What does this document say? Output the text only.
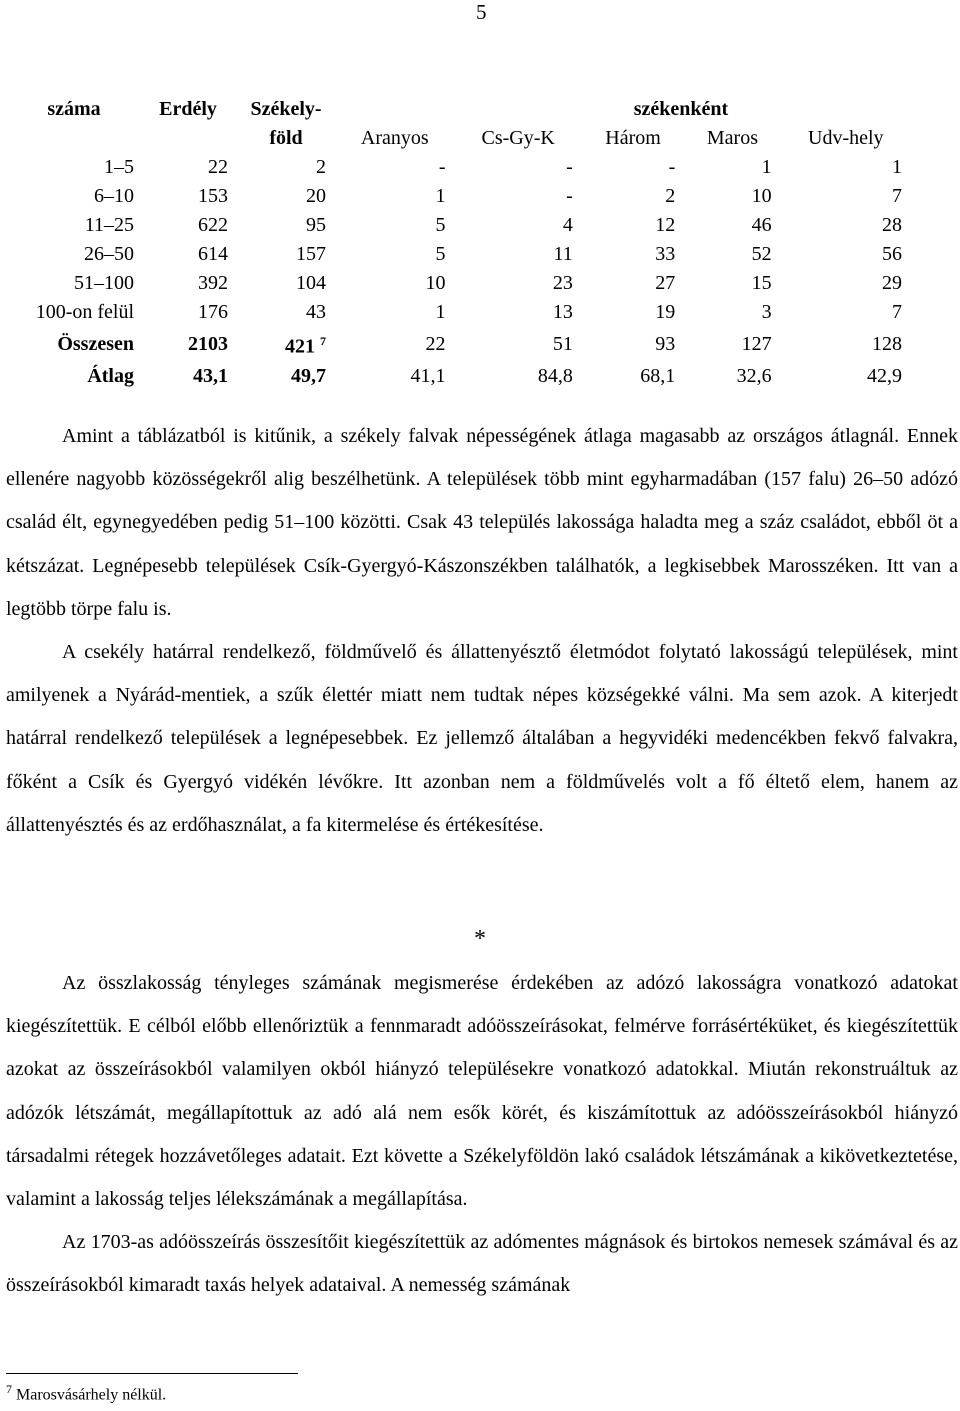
5
száma	Erdély	Székely-	székenként				
		föld	Aranyos	Cs-Gy-K	Három	Maros	Udv-hely
1–5	22	2	-	-	-	1	1
6–10	153	20	1	-	2	10	7
11–25	622	95	5	4	12	46	28
26–50	614	157	5	11	33	52	56
51–100	392	104	10	23	27	15	29
100-on felül	176	43	1	13	19	3	7
Összesen	2103	421 $^7$	22	51	93	127	128
Átlag	43,1	49,7	41,1	84,8	68,1	32,6	42,9

Amint a táblázatból is kitűnik, a székely falvak népességének átlaga magasabb az országos átlagnál. Ennek ellenére nagyobb közösségekről alig beszélhetünk. A települések több mint egyharmadában (157 falu) 26–50 adózó család élt, egynegyedében pedig 51–100 közötti. Csak 43 település lakossága haladta meg a száz családot, ebből öt a kétszázat. Legnépesebb települések Csík-Gyergyó-Kászonszékben találhatók, a legkisebbek Marosszéken. Itt van a legtöbb törpe falu is.

A csekély határral rendelkező, földművelő és állattenyésztő életmódot folytató lakosságú települések, mint amilyenek a Nyárád-mentiek, a szűk élettér miatt nem tudtak népes községekké válni. Ma sem azok. A kiterjedt határral rendelkező települések a legnépesebbek. Ez jellemző általában a hegyvidéki medencékben fekvő falvakra, főként a Csík és Gyergyó vidékén lévőkre. Itt azonban nem a földművelés volt a fő éltető elem, hanem az állattenyésztés és az erdőhasználat, a fa kitermelése és értékesítése.

*

Az összlakosság tényleges számának megismerése érdekében az adózó lakosságra vonatkozó adatokat kiegészítettük. E célból előbb ellenőriztük a fennmaradt adóösszeírásokat, felmérve forrásértéküket, és kiegészítettük azokat az összeírásokból valamilyen okból hiányzó településekre vonatkozó adatokkal. Miután rekonstruáltuk az adózók létszámát, megállapítottuk az adó alá nem esők körét, és kiszámítottuk az adóösszeírásokból hiányzó társadalmi rétegek hozzávetőleges adatait. Ezt követte a Székelyföldön lakó családok létszámának a kikövetkeztetése, valamint a lakosság teljes lélekszámának a megállapítása.

Az 1703-as adóösszeírás összesítőit kiegészítettük az adómentes mágnások és birtokos nemesek számával és az összeírásokból kimaradt taxás helyek adataival. A nemesség számának

$^7$ Marosvásárhely nélkül.
